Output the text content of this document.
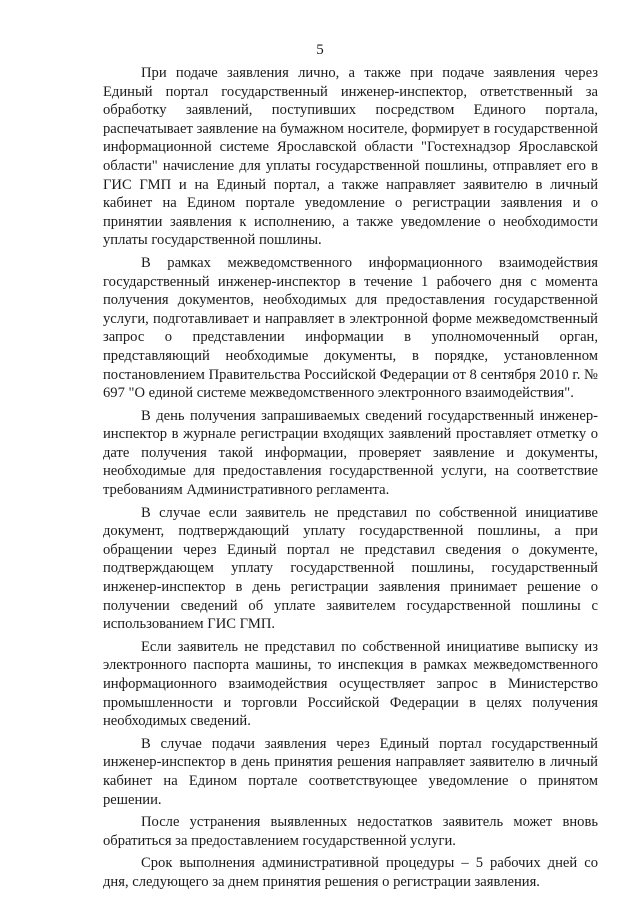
5

При подаче заявления лично, а также при подаче заявления через Единый портал государственный инженер-инспектор, ответственный за обработку заявлений, поступивших посредством Единого портала, распечатывает заявление на бумажном носителе, формирует в государственной информационной системе Ярославской области "Гостехнадзор Ярославской области" начисление для уплаты государственной пошлины, отправляет его в ГИС ГМП и на Единый портал, а также направляет заявителю в личный кабинет на Едином портале уведомление о регистрации заявления и о принятии заявления к исполнению, а также уведомление о необходимости уплаты государственной пошлины.

В рамках межведомственного информационного взаимодействия государственный инженер-инспектор в течение 1 рабочего дня с момента получения документов, необходимых для предоставления государственной услуги, подготавливает и направляет в электронной форме межведомственный запрос о представлении информации в уполномоченный орган, представляющий необходимые документы, в порядке, установленном постановлением Правительства Российской Федерации от 8 сентября 2010 г. № 697 "О единой системе межведомственного электронного взаимодействия".

В день получения запрашиваемых сведений государственный инженер-инспектор в журнале регистрации входящих заявлений проставляет отметку о дате получения такой информации, проверяет заявление и документы, необходимые для предоставления государственной услуги, на соответствие требованиям Административного регламента.

В случае если заявитель не представил по собственной инициативе документ, подтверждающий уплату государственной пошлины, а при обращении через Единый портал не представил сведения о документе, подтверждающем уплату государственной пошлины, государственный инженер-инспектор в день регистрации заявления принимает решение о получении сведений об уплате заявителем государственной пошлины с использованием ГИС ГМП.

Если заявитель не представил по собственной инициативе выписку из электронного паспорта машины, то инспекция в рамках межведомственного информационного взаимодействия осуществляет запрос в Министерство промышленности и торговли Российской Федерации в целях получения необходимых сведений.

В случае подачи заявления через Единый портал государственный инженер-инспектор в день принятия решения направляет заявителю в личный кабинет на Едином портале соответствующее уведомление о принятом решении.

После устранения выявленных недостатков заявитель может вновь обратиться за предоставлением государственной услуги.

Срок выполнения административной процедуры – 5 рабочих дней со дня, следующего за днем принятия решения о регистрации заявления.
